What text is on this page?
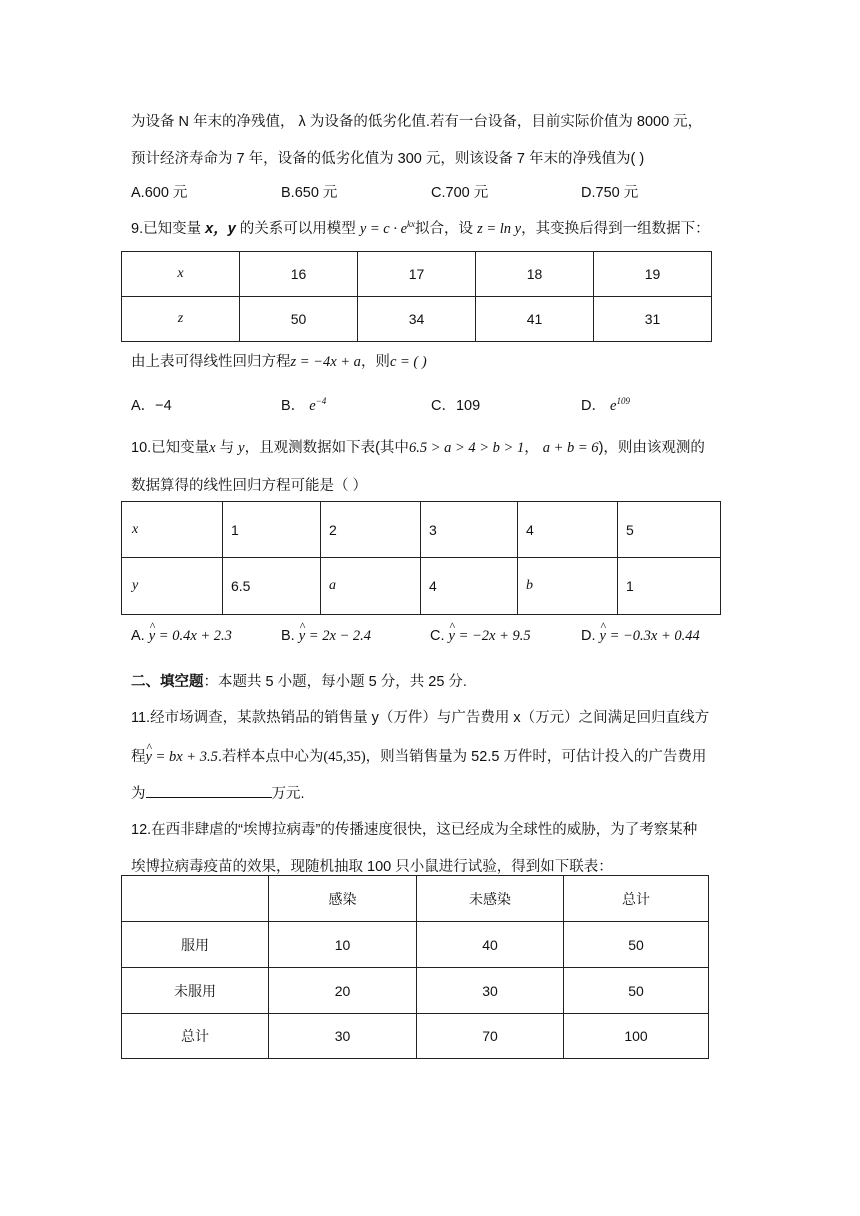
为设备 N 年末的净残值， λ 为设备的低劣化值.若有一台设备，目前实际价值为 8000 元，
预计经济寿命为 7 年，设备的低劣化值为 300 元，则该设备 7 年末的净残值为( )
A.600 元	B.650 元	C.700 元	D.750 元
9.已知变量 x，y 的关系可以用模型 $y = c \cdot e^{kx}$拟合，设 z = ln y，其变换后得到一组数据下：
x	16	17	18	19
z	50	34	41	31
由上表可得线性回归方程z = −4x + a，则c = ( )
A．−4	B． $e^{-4}$	C．109	D． $e^{109}$
10.已知变量x 与 y，且观测数据如下表(其中6.5 > a > 4 > b > 1， a + b = 6)，则由该观测的
数据算得的线性回归方程可能是（ ）
x	1	2	3	4	5
y	6.5	a	4	b	1
A. ^ y = 0.4x + 2.3	B. ^ y = 2x − 2.4	C. ^ y = −2x + 9.5	D. ^ y = −0.3x + 0.44
二、填空题：本题共 5 小题，每小题 5 分，共 25 分.
11.经市场调查，某款热销品的销售量 y（万件）与广告费用 x（万元）之间满足回归直线方
程^ y = bx + 3.5.若样本点中心为(45,35)，则当销售量为 52.5 万件时，可估计投入的广告费用
为	万元.
12.在西非肆虐的“埃博拉病毒”的传播速度很快，这已经成为全球性的威胁，为了考察某种
埃博拉病毒疫苗的效果，现随机抽取 100 只小鼠进行试验，得到如下联表：
	感染	未感染	总计
服用	10	40	50
未服用	20	30	50
总计	30	70	100
